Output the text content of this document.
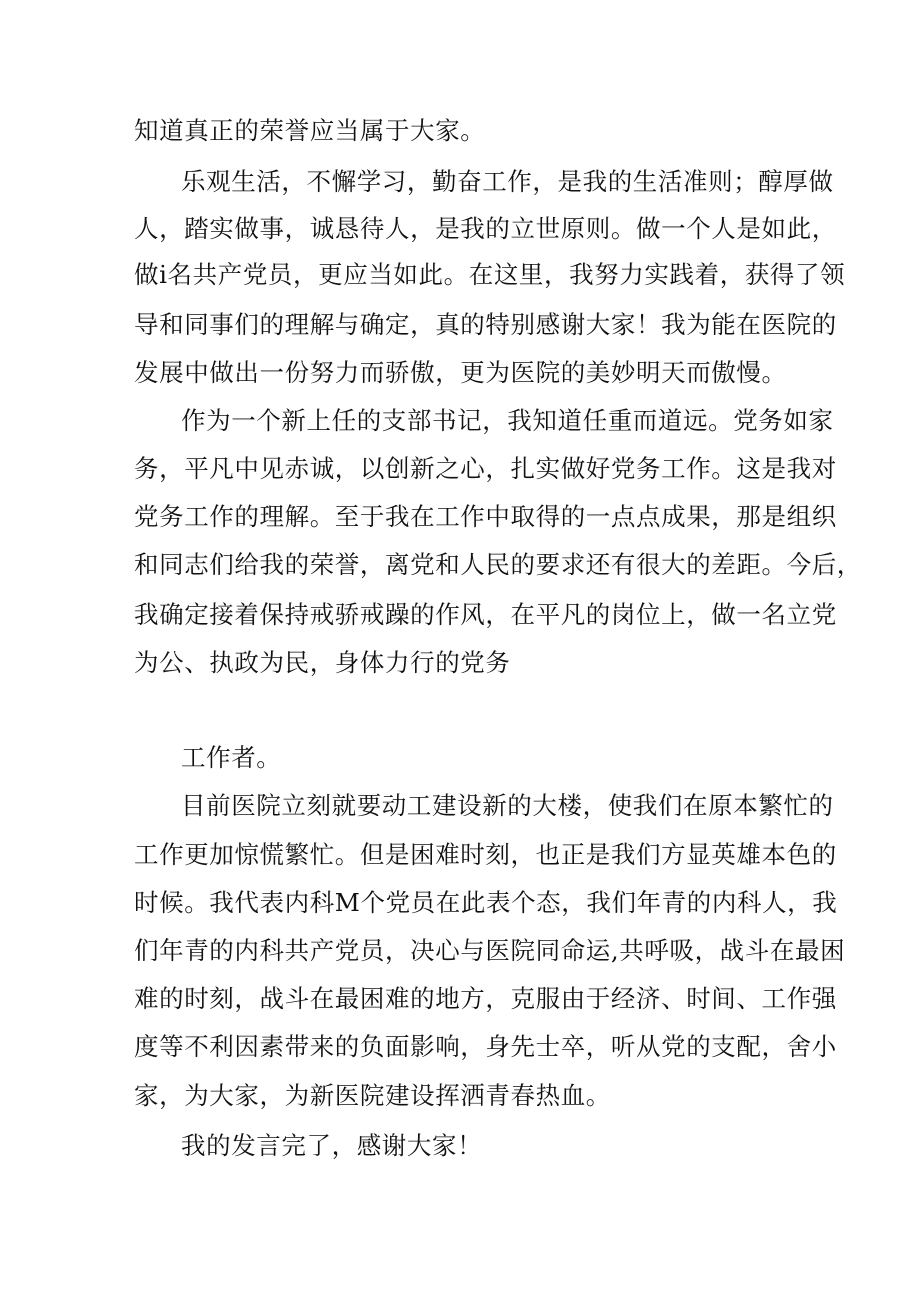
知道真正的荣誉应当属于大家。
乐观生活，不懈学习，勤奋工作，是我的生活准则；醇厚做
人，踏实做事，诚恳待人，是我的立世原则。做一个人是如此，
做i名共产党员，更应当如此。在这里，我努力实践着，获得了领
导和同事们的理解与确定，真的特别感谢大家！我为能在医院的
发展中做出一份努力而骄傲，更为医院的美妙明天而傲慢。
作为一个新上任的支部书记，我知道任重而道远。党务如家
务，平凡中见赤诚，以创新之心，扎实做好党务工作。这是我对
党务工作的理解。至于我在工作中取得的一点点成果，那是组织
和同志们给我的荣誉，离党和人民的要求还有很大的差距。今后，
我确定接着保持戒骄戒躁的作风，在平凡的岗位上，做一名立党
为公、执政为民，身体力行的党务
工作者。
目前医院立刻就要动工建设新的大楼，使我们在原本繁忙的
工作更加惊慌繁忙。但是困难时刻，也正是我们方显英雄本色的
时候。我代表内科M个党员在此表个态，我们年青的内科人，我
们年青的内科共产党员，决心与医院同命运,共呼吸，战斗在最困
难的时刻，战斗在最困难的地方，克服由于经济、时间、工作强
度等不利因素带来的负面影响，身先士卒，听从党的支配，舍小
家，为大家，为新医院建设挥洒青春热血。
我的发言完了，感谢大家！
